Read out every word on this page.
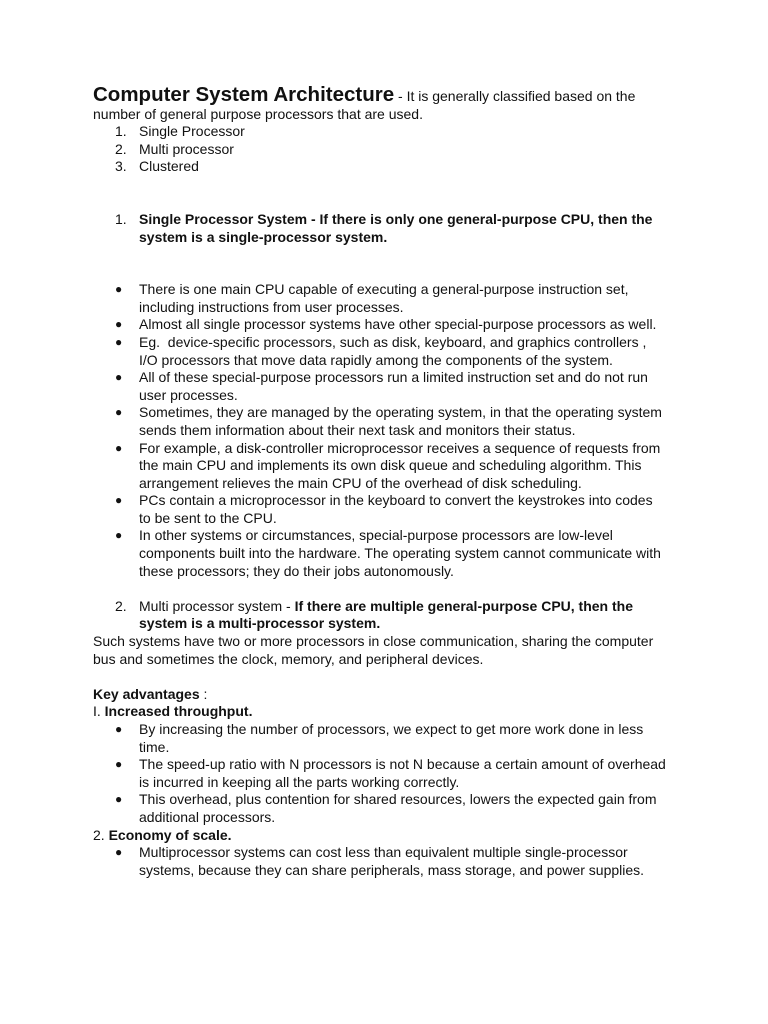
Computer System Architecture - It is generally classified based on the
number of general purpose processors that are used.
1. Single Processor
2. Multi processor
3. Clustered
1. Single Processor System - If there is only one general-purpose CPU, then the
system is a single-processor system.
● There is one main CPU capable of executing a general-purpose instruction set,
including instructions from user processes.
● Almost all single processor systems have other special-purpose processors as well.
● Eg.  device-specific processors, such as disk, keyboard, and graphics controllers ,
I/O processors that move data rapidly among the components of the system.
● All of these special-purpose processors run a limited instruction set and do not run
user processes.
● Sometimes, they are managed by the operating system, in that the operating system
sends them information about their next task and monitors their status.
● For example, a disk-controller microprocessor receives a sequence of requests from
the main CPU and implements its own disk queue and scheduling algorithm. This
arrangement relieves the main CPU of the overhead of disk scheduling.
● PCs contain a microprocessor in the keyboard to convert the keystrokes into codes
to be sent to the CPU.
● In other systems or circumstances, special-purpose processors are low-level
components built into the hardware. The operating system cannot communicate with
these processors; they do their jobs autonomously.
2. Multi processor system - If there are multiple general-purpose CPU, then the
system is a multi-processor system.
Such systems have two or more processors in close communication, sharing the computer
bus and sometimes the clock, memory, and peripheral devices.
Key advantages :
I. Increased throughput.
● By increasing the number of processors, we expect to get more work done in less
time.
● The speed-up ratio with N processors is not N because a certain amount of overhead
is incurred in keeping all the parts working correctly.
● This overhead, plus contention for shared resources, lowers the expected gain from
additional processors.
2. Economy of scale.
● Multiprocessor systems can cost less than equivalent multiple single-processor
systems, because they can share peripherals, mass storage, and power supplies.
